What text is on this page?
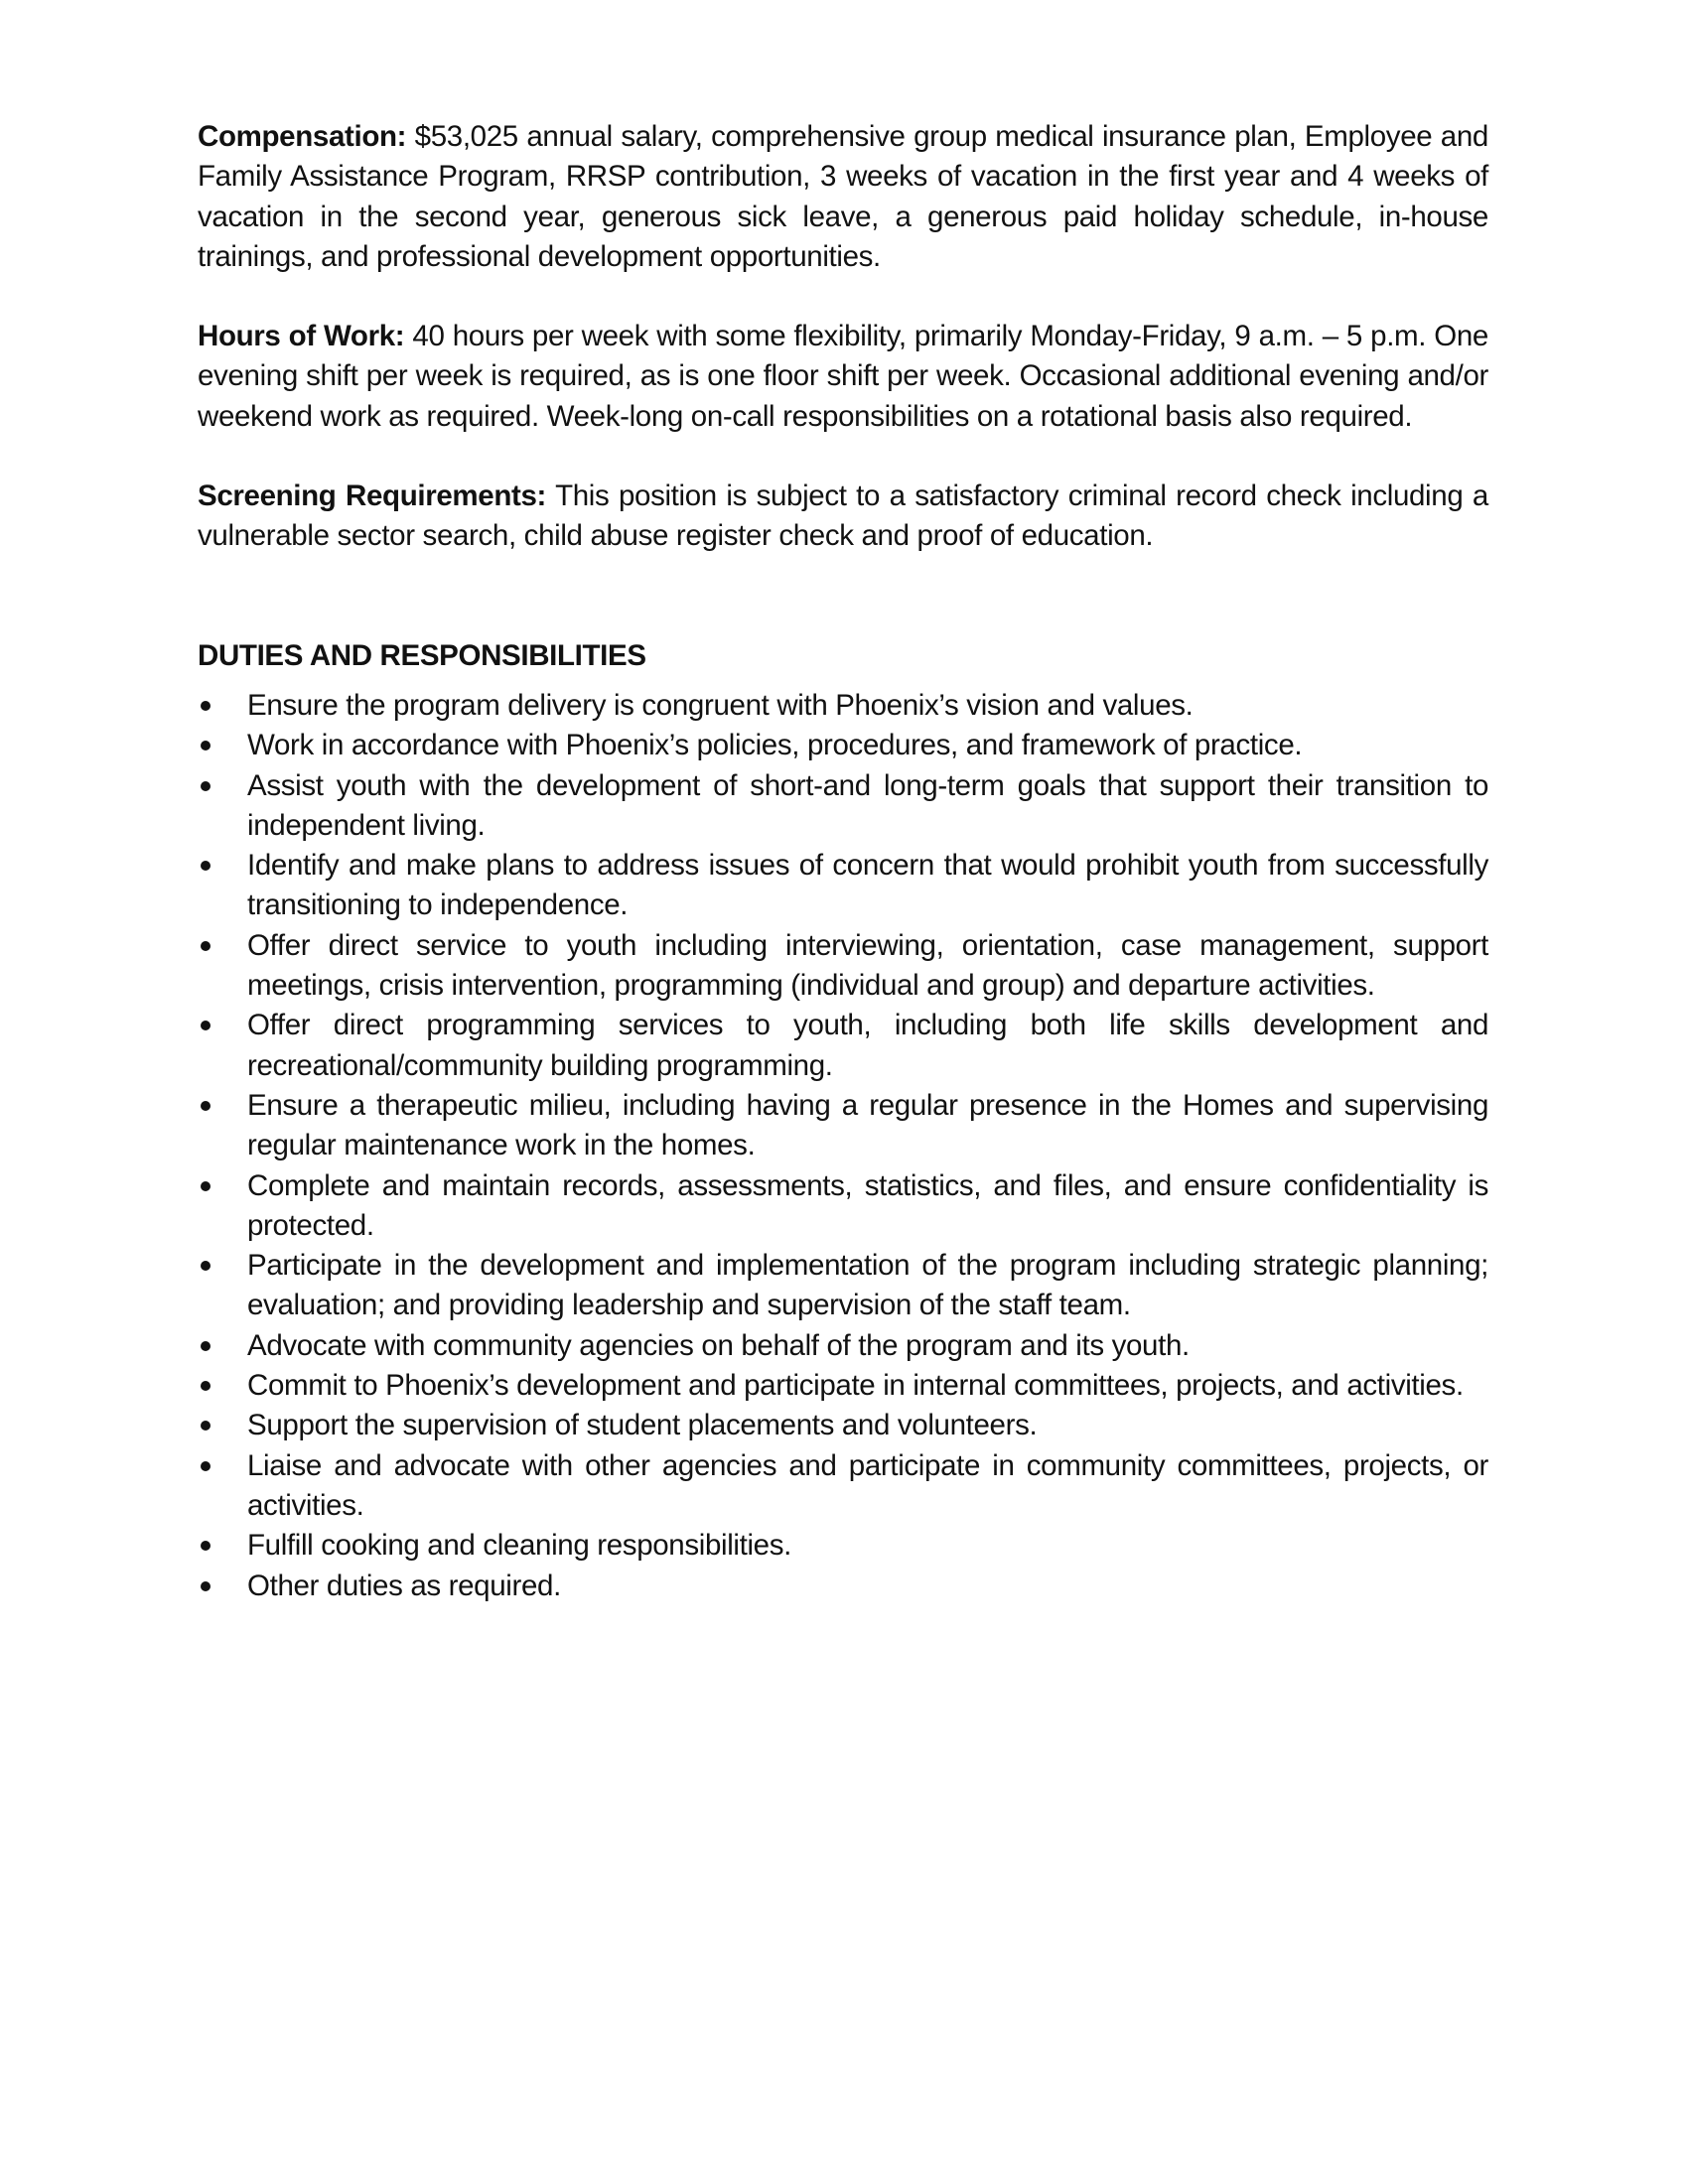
Compensation: $53,025 annual salary, comprehensive group medical insurance plan, Employee and Family Assistance Program, RRSP contribution, 3 weeks of vacation in the first year and 4 weeks of vacation in the second year, generous sick leave, a generous paid holiday schedule, in-house trainings, and professional development opportunities.

Hours of Work: 40 hours per week with some flexibility, primarily Monday-Friday, 9 a.m. – 5 p.m. One evening shift per week is required, as is one floor shift per week. Occasional additional evening and/or weekend work as required. Week-long on-call responsibilities on a rotational basis also required.

Screening Requirements: This position is subject to a satisfactory criminal record check including a vulnerable sector search, child abuse register check and proof of education.

DUTIES AND RESPONSIBILITIES
Ensure the program delivery is congruent with Phoenix’s vision and values.
Work in accordance with Phoenix’s policies, procedures, and framework of practice.
Assist youth with the development of short-and long-term goals that support their transition to independent living.
Identify and make plans to address issues of concern that would prohibit youth from successfully transitioning to independence.
Offer direct service to youth including interviewing, orientation, case management, support meetings, crisis intervention, programming (individual and group) and departure activities.
Offer direct programming services to youth, including both life skills development and recreational/community building programming.
Ensure a therapeutic milieu, including having a regular presence in the Homes and supervising regular maintenance work in the homes.
Complete and maintain records, assessments, statistics, and files, and ensure confidentiality is protected.
Participate in the development and implementation of the program including strategic planning; evaluation; and providing leadership and supervision of the staff team.
Advocate with community agencies on behalf of the program and its youth.
Commit to Phoenix’s development and participate in internal committees, projects, and activities.
Support the supervision of student placements and volunteers.
Liaise and advocate with other agencies and participate in community committees, projects, or activities.
Fulfill cooking and cleaning responsibilities.
Other duties as required.
